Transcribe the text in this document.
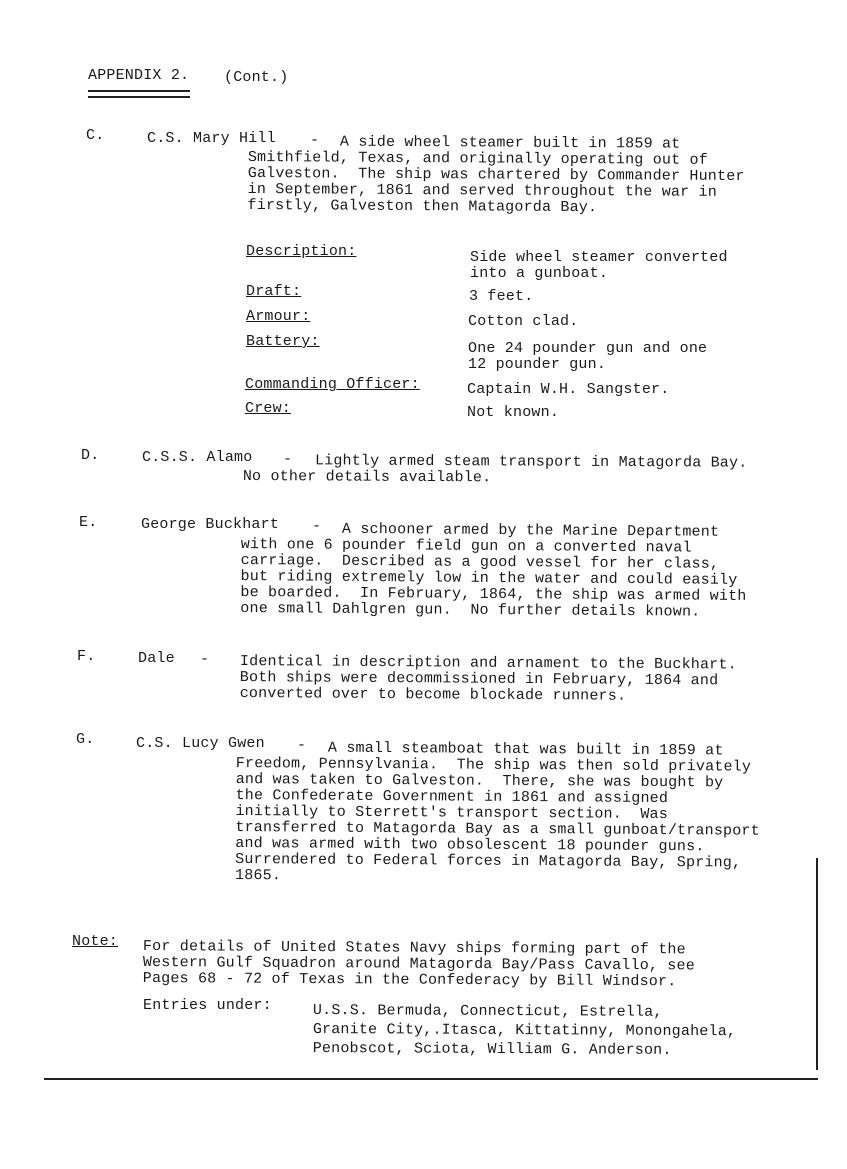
APPENDIX 2. (Cont.)
C.	C.S. Mary Hill -	A side wheel steamer built in 1859 at
Smithfield, Texas, and originally operating out of
Galveston.  The ship was chartered by Commander Hunter
in September, 1861 and served throughout the war in
firstly, Galveston then Matagorda Bay.
Description:	Side wheel steamer converted
into a gunboat.
Draft:	3 feet.
Armour:	Cotton clad.
Battery:	One 24 pounder gun and one
12 pounder gun.
Commanding Officer:	Captain W.H. Sangster.
Crew:	Not known.
D.	C.S.S. Alamo -	Lightly armed steam transport in Matagorda Bay.
No other details available.
E.	George Buckhart -	A schooner armed by the Marine Department
with one 6 pounder field gun on a converted naval
carriage.  Described as a good vessel for her class,
but riding extremely low in the water and could easily
be boarded.  In February, 1864, the ship was armed with
one small Dahlgren gun.  No further details known.
F.	Dale - Identical in description and arnament to the Buckhart.
Both ships were decommissioned in February, 1864 and
converted over to become blockade runners.
G.	C.S. Lucy Gwen -	A small steamboat that was built in 1859 at
Freedom, Pennsylvania.  The ship was then sold privately
and was taken to Galveston.  There, she was bought by
the Confederate Government in 1861 and assigned
initially to Sterrett's transport section.  Was
transferred to Matagorda Bay as a small gunboat/transport
and was armed with two obsolescent 18 pounder guns.
Surrendered to Federal forces in Matagorda Bay, Spring,
1865.
Note: For details of United States Navy ships forming part of the
Western Gulf Squadron around Matagorda Bay/Pass Cavallo, see
Pages 68 - 72 of Texas in the Confederacy by Bill Windsor.
Entries under:	U.S.S. Bermuda, Connecticut, Estrella,
Granite City,.Itasca, Kittatinny, Monongahela,
Penobscot, Sciota, William G. Anderson.
